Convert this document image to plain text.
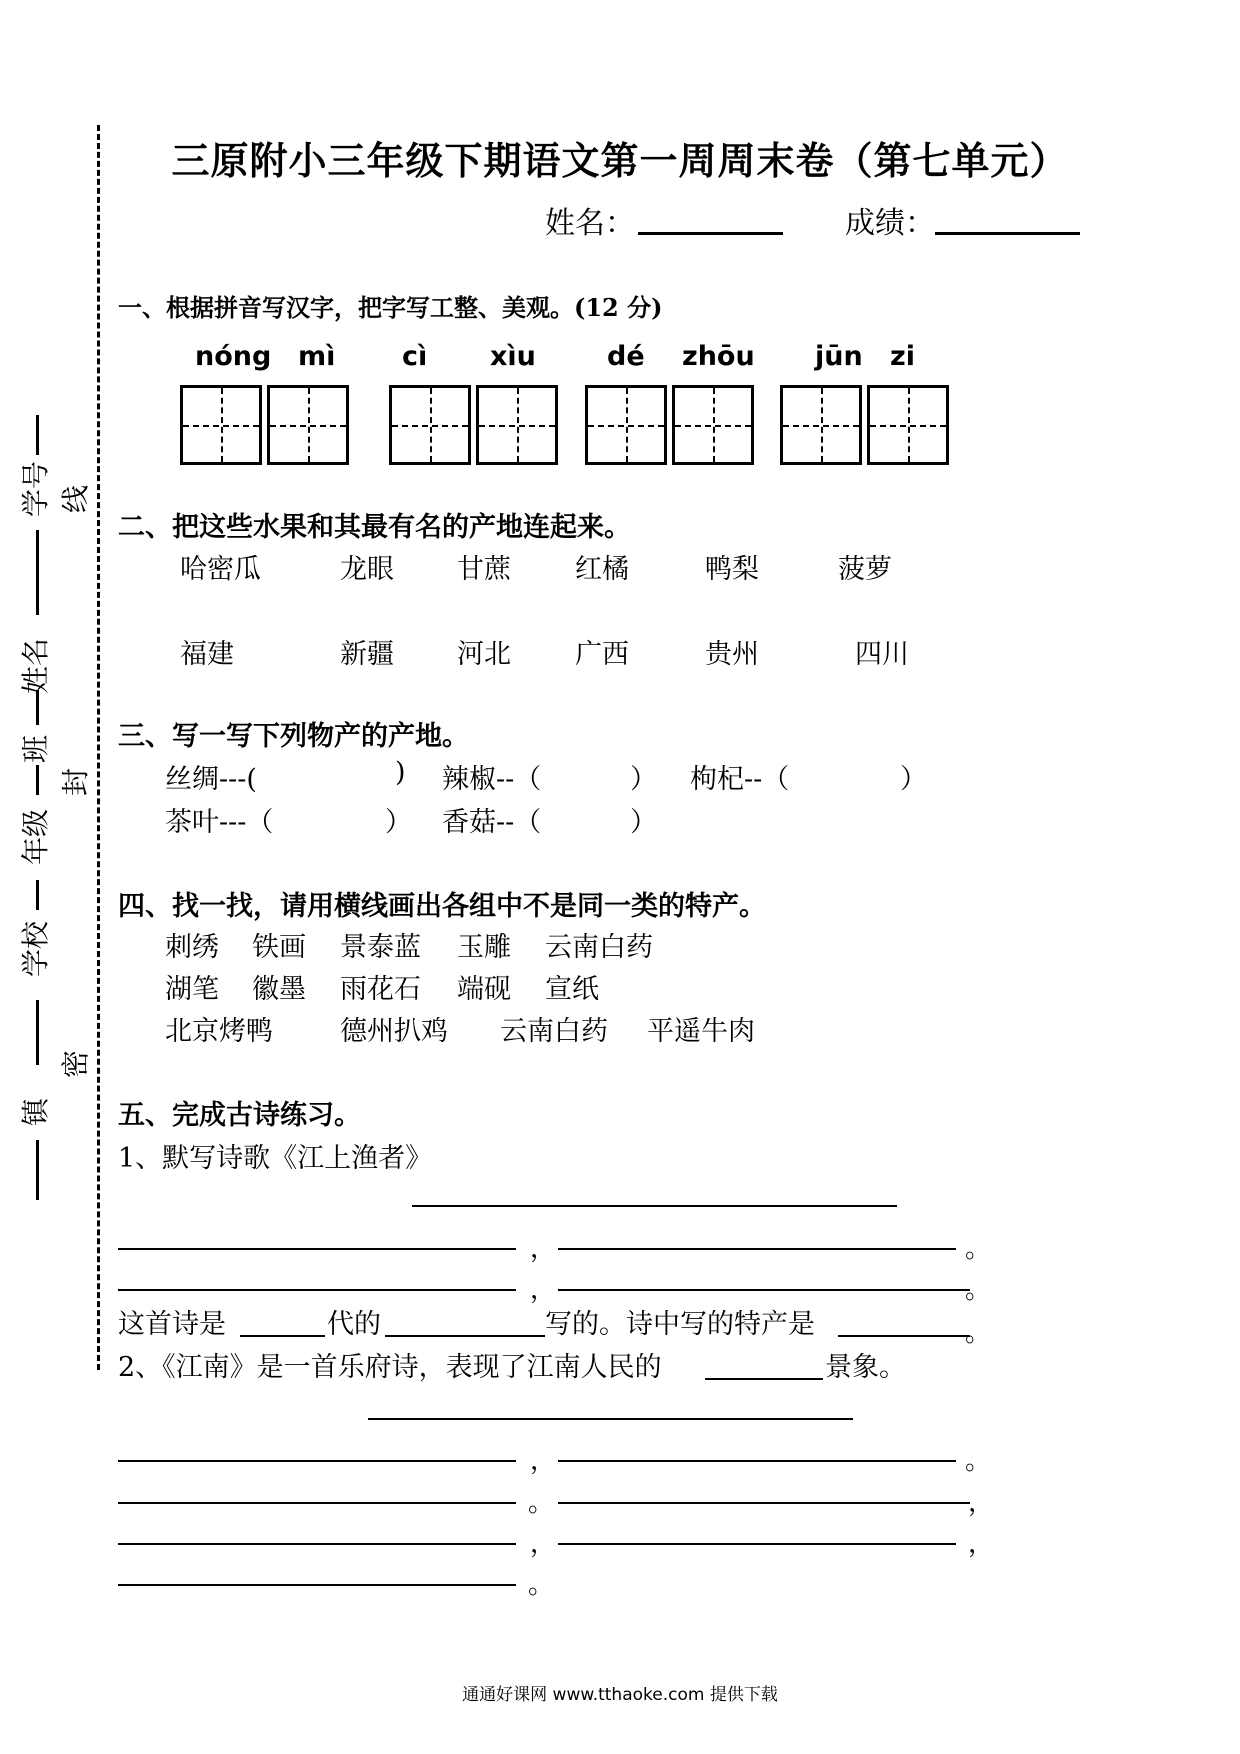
镇
学校
年级
班
姓名
学号
密
封
线
三原附小三年级下期语文第一周周末卷（第七单元）
姓名：	成绩：
一、根据拼音写汉字，把字写工整、美观。(12 分)
nóng mì cì xìu	dé zhōu jūn zi
二、把这些水果和其最有名的产地连起来。
哈密瓜	龙眼 甘蔗 红橘	鸭梨	菠萝
福建	新疆 河北 广西	贵州	四川
三、写一写下列物产的产地。
丝绸---(	) 辣椒--（	） 枸杞--（	）
茶叶---（	） 香菇--（	）
四、找一找，请用横线画出各组中不是同一类的特产。
刺绣 铁画 景泰蓝 玉雕 云南白药
湖笔 徽墨 雨花石 端砚 宣纸
北京烤鸭 德州扒鸡 云南白药 平遥牛肉
五、完成古诗练习。
1、默写诗歌《江上渔者》
，	。
，	。
这首诗是	代的	写的。诗中写的特产是	。
2、《江南》是一首乐府诗，表现了江南人民的	景象。
，	。
。	，
，	，
。
通通好课网 www.tthaoke.com 提供下载
